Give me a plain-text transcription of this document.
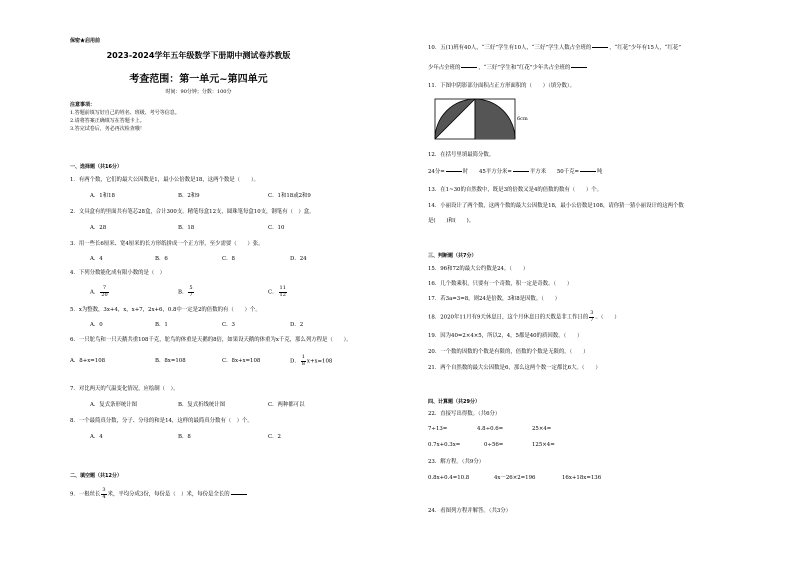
保密★启用前
2023-2024学年五年级数学下册期中测试卷苏教版
考查范围：第一单元~第四单元
时间：90分钟；分数：100分
注意事项：
1.答题前填写好自己的姓名、班级、考号等信息。
2.请将答案正确填写在答题卡上。
3.答完试卷后，务必再次检查哦！
一、选择题（共16分）
1．有两个数，它们的最大公因数是1，最小公倍数是18，这两个数是（　　）。
A．1和18	B．2和9	C．1和18或2和9
2．文具盒有的里面共有笔芯28盒，合计300支。精笔每盒12支，圆珠笔每盒10支，钢笔有（　）盒。
A．28	B．18	C．10
3．用一些长6厘米、宽4厘米的长方形纸拼成一个正方形，至少需要（　　）张。
A．4	B．6	C．8	D．24
4．下列分数能化成有限小数的是（　）
A． $\frac{7}{20}$	B． $\frac{5}{7}$	C． $\frac{11}{12}$
5．x为整数，3x+4，x，x+7，2x+6，0.8中一定是2的倍数的有（　　）个。
A．0	B．1	C．3	D．2
6．一只鸵鸟和一只天鹅共重108千克，鸵鸟的体重是天鹅的8倍，如果设天鹅的体重为x千克，那么列方程是（　　）。
A．8+x=108	B．8x=108	C．8x+x=108	D． $\frac{1}{8} x+x=108$
7．对比两天的气温变化情况，应绘制（　）。
A．复式条形统计图	B．复式折线统计图	C．两种都可以
8．一个最简真分数，分子、分母的和是14，这样的最简真分数有（　）个。
A．4	B．8	C．2
二、填空题（共12分）
9．一根丝长 $\frac{3}{4}$ 米，平均分成3份，每份是（　）米，每份是全长的
10．五(1)班有40人，“三好”学生有10人，“三好”学生人数占全班的	，“红花”少年有15人，“红花”
少年占全班的	，“三好”学生和“红花”少年共占全班的
11．下图中阴影部分面积占正方形面积的（　　）（填分数）。
6cm
12．在括号里填最简分数。
24分=	时　　45平方分米=	平方米　　50千克=	吨
13．在1~30的自然数中，既是3的倍数又是4的倍数的数有（　　）个。
14．小丽设计了两个数，这两个数的最大公因数是18，最小公倍数是108，请你猜一猜小丽设计的这两个数
是(　　)和(　　)。
三、判断题（共7分）
15．96和72的最大公约数是24。（　　）
16．几个数乘积，只要有一个奇数，积一定是奇数。（　　）
17．若3a=3=8，则24是倍数，3和8是因数。（　　）
18．2020年11月有9天休息日，这个月休息日的天数是非工作日的 $\frac{3}{7}$ 。（　　）
19．因为40=2×4×5，所以2，4，5都是40的质因数。（　　）
20．一个数的因数的个数是有限的，倍数的个数是无限的。（　　）
21．两个自然数的最大公因数是6，那么这两个数一定都比6大。（　　）
四、计算题（共29分）
22．直接写出得数。（共6分）
7÷13=	4.8÷0.6=	25×4=
0.7x+0.3x=	0÷56=	125×4=
23．解方程。（共9分）
0.8x+0.4=10.8	4x－26×2=196	16x+18x=136
24．看图列方程并解答。（共3分）
